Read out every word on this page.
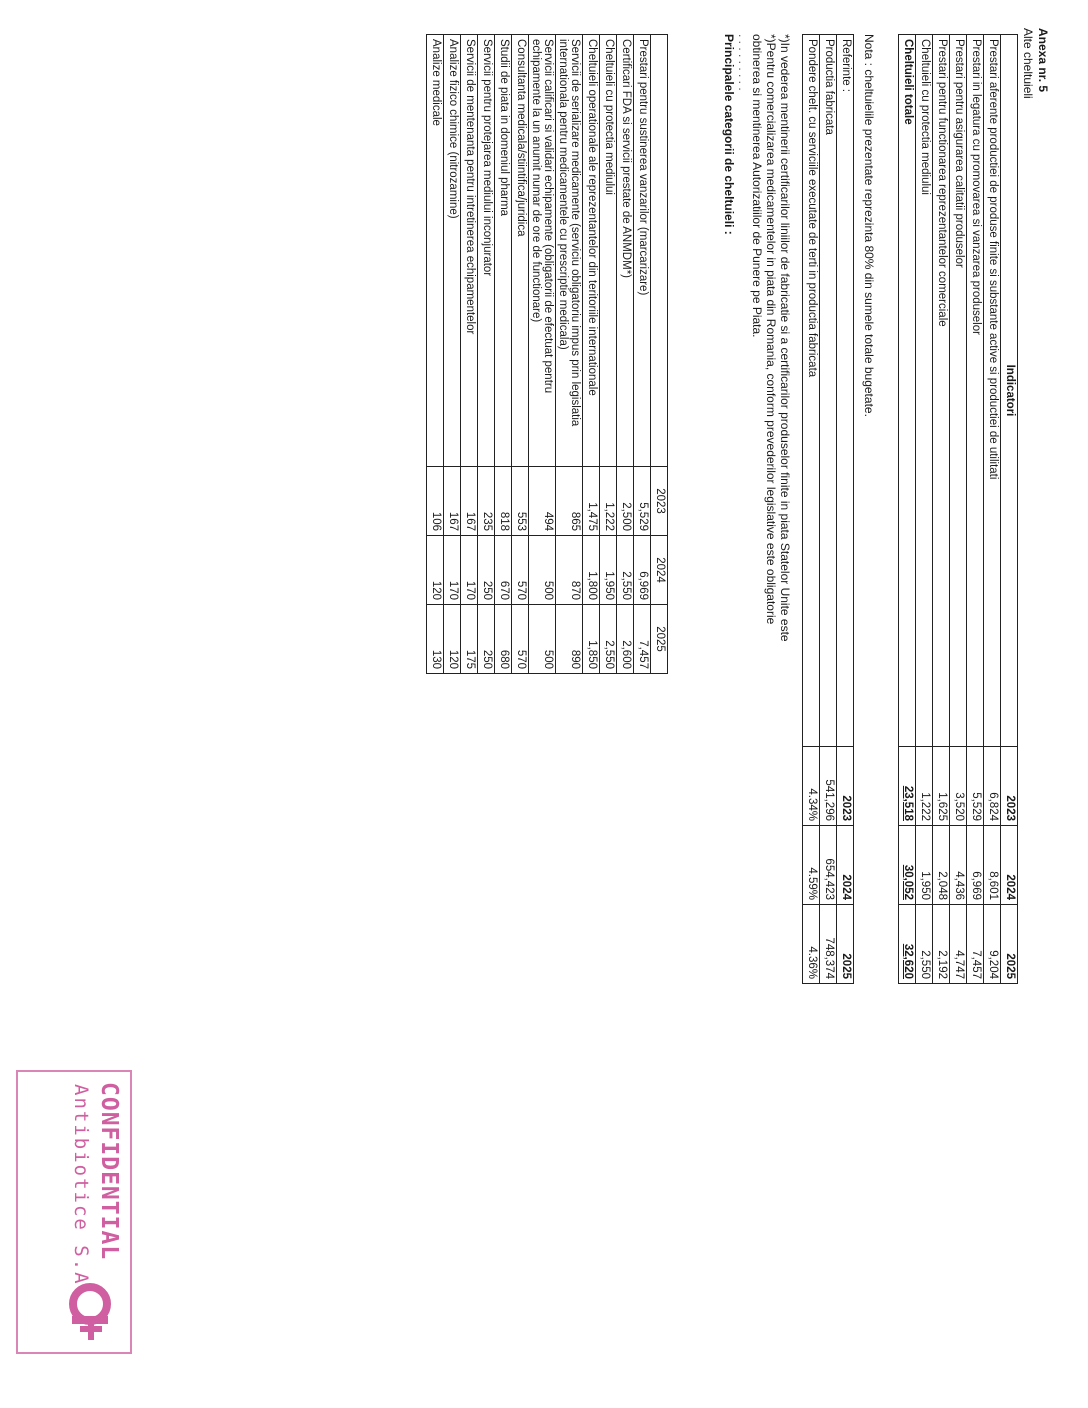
Anexa nr. 5
Alte cheltuieli
Indicatori	2023	2024	2025
Prestari aferente productiei de produse finite si substante active si productiei de utilitati	6,824	8,601	9,204
Prestari in legatura cu promovarea si vanzarea produselor	5,529	6,969	7,457
Prestari pentru asigurarea calitatii produselor	3,520	4,436	4,747
Prestari pentru functionarea reprezentantelor comerciale	1,625	2,048	2,192
Cheltuieli cu protectia mediului	1,222	1,950	2,550
Cheltuieli totale	23,518	30,052	32,620
Nota : cheltuielile prezentate reprezinta 80% din sumele totale bugetate.
Referinte :	2023	2024	2025
Productia fabricata	541,296	654,423	748,374
Pondere chelt. cu serviciile executate de terti in productia fabricata	4.34%	4.59%	4.36%

*)In vederea mentinerii certificarilor liniilor de fabricatie si a certificarilor produselor finite in piata Statelor Unite este

*)Pentru comercializarea medicamentelor in piata din Romania, conform prevederilor legislative este obligatorie obtinerea si mentinerea Autorizatiilor de Punere pe Piata.

. . . . . . . . .

Principalele categorii de cheltuieli :

	2023	2024	2025
Prestari pentru sustinerea vanzarilor (marcarizare)	5,529	6,969	7,457
Certificari FDA si servicii prestate de ANMDM*)	2,500	2,550	2,600
Cheltuieli cu protectia mediului	1,222	1,950	2,550
Cheltuieli operationale ale reprezentantelor din teritoriile internationale	1,475	1,800	1,850
Servicii de serializare medicamente (serviciu obligatoriu impus prin legislatia internationala pentru medicamentele cu prescriptie medicala)	865	870	890
Servicii calificari si validari echipamente (obligatorii de efectuat pentru echipamente la un anumit numar de ore de functionare)	494	500	500
Consultanta medicala/stiintifica/juridica	553	570	570
Studii de piata in domeniul pharma	818	670	680
Servicii pentru protejarea mediului inconjurator	235	250	250
Servicii de mentenanta pentru intretinerea echipamentelor	167	170	175
Analize fizico chimice (nitrozamine)	167	170	120
Analize medicale	106	120	130
CONFIDENTIAL
Antibiotice S.A.
